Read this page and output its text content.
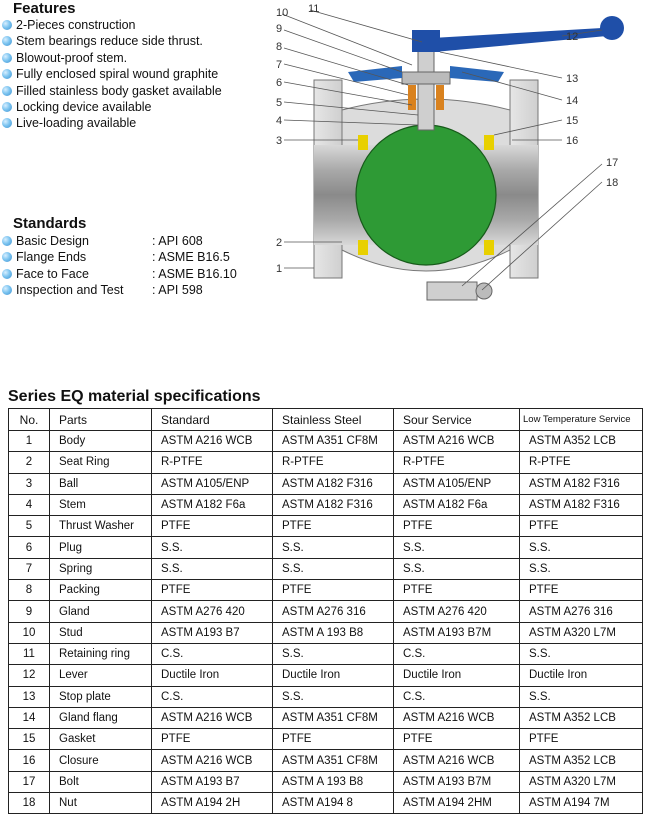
Features
2-Pieces construction
Stem bearings reduce side thrust.
Blowout-proof stem.
Fully enclosed spiral wound graphite
Filled stainless body gasket available
Locking device available
Live-loading available
Standards
Basic Design	: API 608
Flange Ends	: ASME B16.5
Face to Face	: ASME B16.10
Inspection and Test : API 598
10 11
9
8
7
6
5
4
3
2
1
12
13
14
15
16
17
18
Series EQ material specifications
No.	Parts	Standard	Stainless Steel	Sour Service	Low Temperature Service
1	Body	ASTM A216 WCB	ASTM A351 CF8M	ASTM A216 WCB	ASTM A352 LCB
2	Seat Ring	R-PTFE	R-PTFE	R-PTFE	R-PTFE
3	Ball	ASTM A105/ENP	ASTM A182 F316	ASTM A105/ENP	ASTM A182 F316
4	Stem	ASTM A182 F6a	ASTM A182 F316	ASTM A182 F6a	ASTM A182 F316
5	Thrust Washer	PTFE	PTFE	PTFE	PTFE
6	Plug	S.S.	S.S.	S.S.	S.S.
7	Spring	S.S.	S.S.	S.S.	S.S.
8	Packing	PTFE	PTFE	PTFE	PTFE
9	Gland	ASTM A276 420	ASTM A276 316	ASTM A276 420	ASTM A276 316
10	Stud	ASTM A193 B7	ASTM A 193 B8	ASTM A193 B7M	ASTM A320 L7M
11	Retaining ring	C.S.	S.S.	C.S.	S.S.
12	Lever	Ductile Iron	Ductile Iron	Ductile Iron	Ductile Iron
13	Stop plate	C.S.	S.S.	C.S.	S.S.
14	Gland flang	ASTM A216 WCB	ASTM A351 CF8M	ASTM A216 WCB	ASTM A352 LCB
15	Gasket	PTFE	PTFE	PTFE	PTFE
16	Closure	ASTM A216 WCB	ASTM A351 CF8M	ASTM A216 WCB	ASTM A352 LCB
17	Bolt	ASTM A193 B7	ASTM A 193 B8	ASTM A193 B7M	ASTM A320 L7M
18	Nut	ASTM A194 2H	ASTM A194 8	ASTM A194 2HM	ASTM A194 7M
